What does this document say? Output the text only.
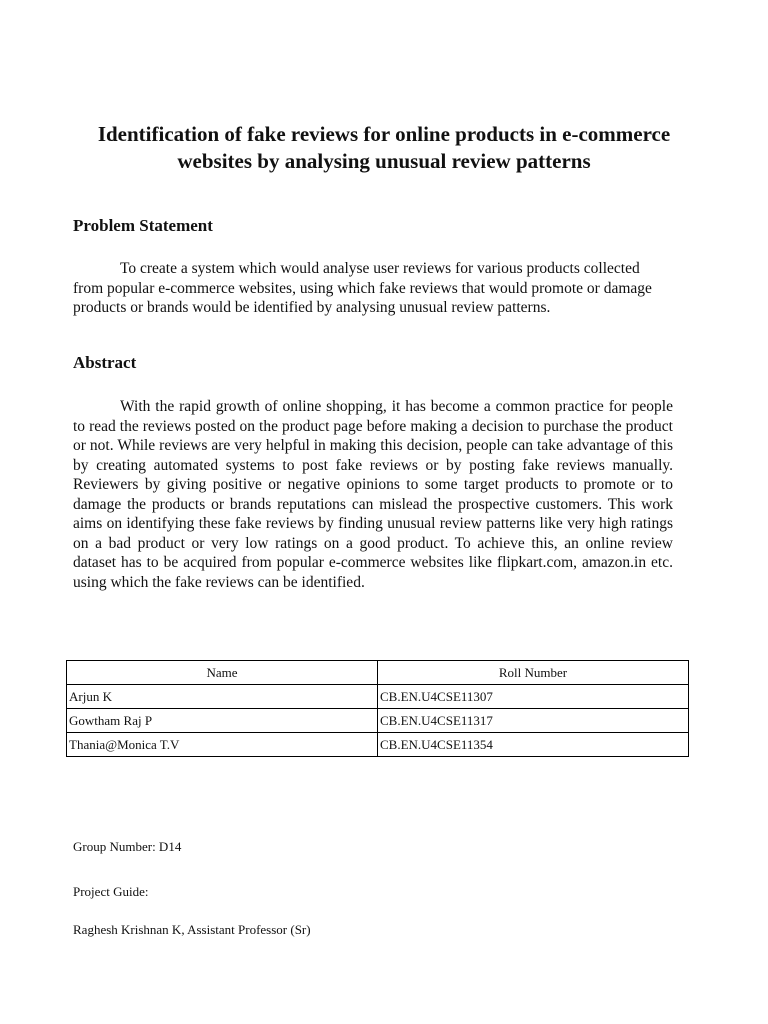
Identification of fake reviews for online products in e-commerce websites by analysing unusual review patterns
Problem Statement

To create a system which would analyse user reviews for various products collected from popular e-commerce websites, using which fake reviews that would promote or damage products or brands would be identified by analysing unusual review patterns.

Abstract

With the rapid growth of online shopping, it has become a common practice for people to read the reviews posted on the product page before making a decision to purchase the product or not. While reviews are very helpful in making this decision, people can take advantage of this by creating automated systems to post fake reviews or by posting fake reviews manually. Reviewers by giving positive or negative opinions to some target products to promote or to damage the products or brands reputations can mislead the prospective customers. This work aims on identifying these fake reviews by finding unusual review patterns like very high ratings on a bad product or very low ratings on a good product. To achieve this, an online review dataset has to be acquired from popular e-commerce websites like flipkart.com, amazon.in etc. using which the fake reviews can be identified.

Name	Roll Number
Arjun K	CB.EN.U4CSE11307
Gowtham Raj P	CB.EN.U4CSE11317
Thania@Monica T.V	CB.EN.U4CSE11354

Group Number: D14

Project Guide:

Raghesh Krishnan K, Assistant Professor (Sr)
